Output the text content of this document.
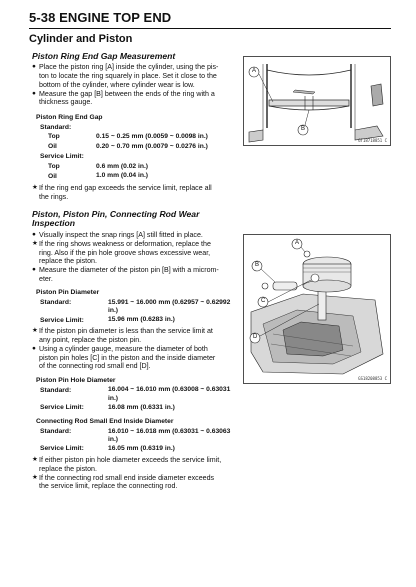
5-38 ENGINE TOP END
Cylinder and Piston
Piston Ring End Gap Measurement
● Place the piston ring [A] inside the cylinder, using the pis-
ton to locate the ring squarely in place. Set it close to the
bottom of the cylinder, where cylinder wear is low.
● Measure the gap [B] between the ends of the ring with a
thickness gauge.
Piston Ring End Gap
Standard:
Top	0.15 ~ 0.25 mm (0.0059 ~ 0.0098 in.)
Oil	0.20 ~ 0.70 mm (0.0079 ~ 0.0276 in.)
Service Limit:
Top	0.6 mm (0.02 in.)
Oil	1.0 mm (0.04 in.)
★ If the ring end gap exceeds the service limit, replace all
the rings.
Piston, Piston Pin, Connecting Rod Wear
Inspection
● Visually inspect the snap rings [A] still fitted in place.
★ If the ring shows weakness or deformation, replace the
ring. Also if the pin hole groove shows excessive wear,
replace the piston.
● Measure the diameter of the piston pin [B] with a microm-
eter.
Piston Pin Diameter
Standard:	15.991 ~ 16.000 mm (0.62957 ~ 0.62992
in.)
Service Limit:	15.96 mm (0.6283 in.)
★ If the piston pin diameter is less than the service limit at
any point, replace the piston pin.
● Using a cylinder gauge, measure the diameter of both
piston pin holes [C] in the piston and the inside diameter
of the connecting rod small end [D].
Piston Pin Hole Diameter
Standard:	16.004 ~ 16.010 mm (0.63008 ~ 0.63031
in.)
Service Limit:	16.08 mm (0.6331 in.)
Connecting Rod Small End Inside Diameter
Standard:	16.010 ~ 16.018 mm (0.63031 ~ 0.63063
in.)
Service Limit:	16.05 mm (0.6319 in.)
★ If either piston pin hole diameter exceeds the service limit,
replace the piston.
★ If the connecting rod small end inside diameter exceeds
the service limit, replace the connecting rod.
A
B
GT18718851 C
A
B
C
D
GS18208853 C
